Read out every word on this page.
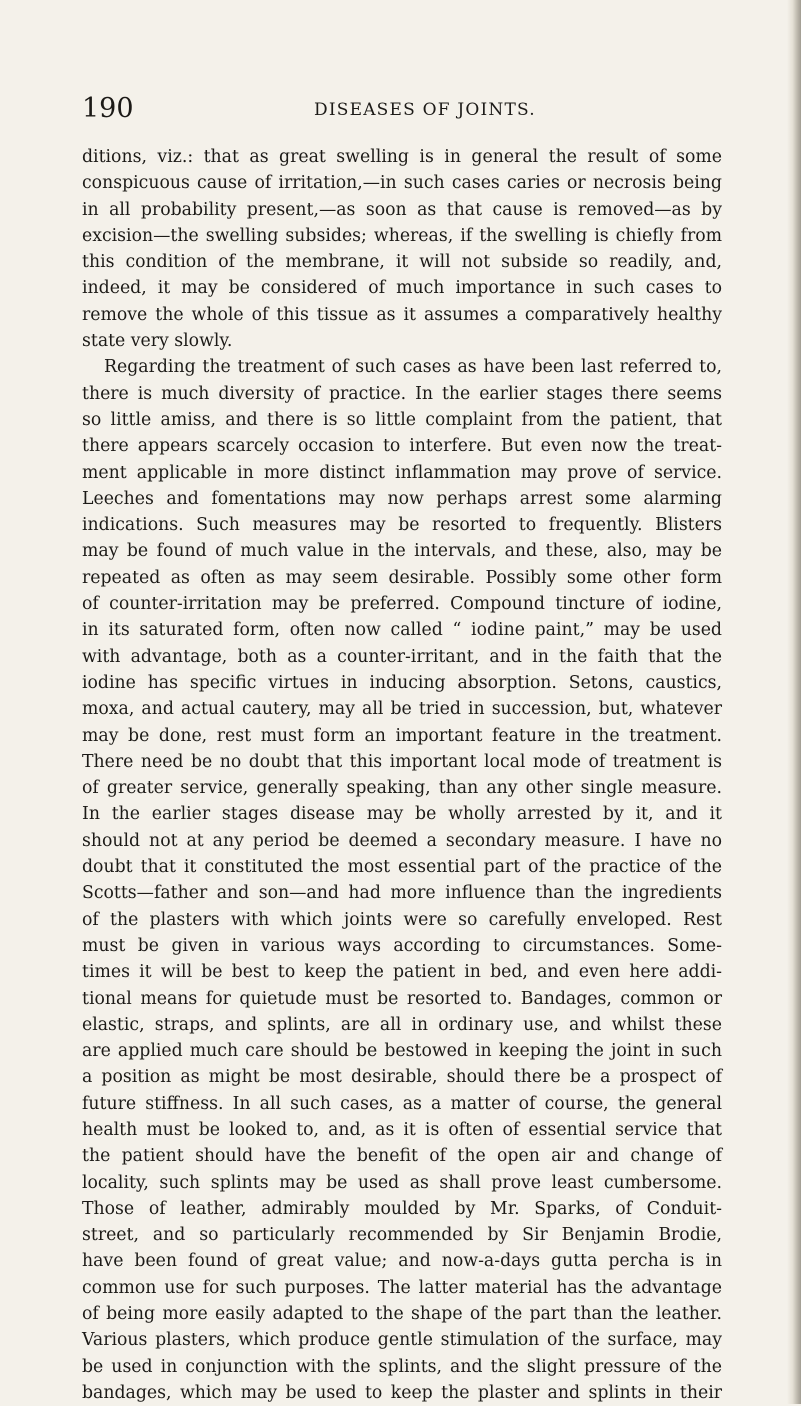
190	DISEASES OF JOINTS.
ditions, viz.: that as great swelling is in general the result of some
conspicuous cause of irritation,—in such cases caries or necrosis being
in all probability present,—as soon as that cause is removed—as by
excision—the swelling subsides; whereas, if the swelling is chiefly from
this condition of the membrane, it will not subside so readily, and,
indeed, it may be considered of much importance in such cases to
remove the whole of this tissue as it assumes a comparatively healthy
state very slowly.
Regarding the treatment of such cases as have been last referred to,
there is much diversity of practice. In the earlier stages there seems
so little amiss, and there is so little complaint from the patient, that
there appears scarcely occasion to interfere. But even now the treat-
ment applicable in more distinct inflammation may prove of service.
Leeches and fomentations may now perhaps arrest some alarming
indications. Such measures may be resorted to frequently. Blisters
may be found of much value in the intervals, and these, also, may be
repeated as often as may seem desirable. Possibly some other form
of counter-irritation may be preferred. Compound tincture of iodine,
in its saturated form, often now called “ iodine paint,” may be used
with advantage, both as a counter-irritant, and in the faith that the
iodine has specific virtues in inducing absorption. Setons, caustics,
moxa, and actual cautery, may all be tried in succession, but, whatever
may be done, rest must form an important feature in the treatment.
There need be no doubt that this important local mode of treatment is
of greater service, generally speaking, than any other single measure.
In the earlier stages disease may be wholly arrested by it, and it
should not at any period be deemed a secondary measure. I have no
doubt that it constituted the most essential part of the practice of the
Scotts—father and son—and had more influence than the ingredients
of the plasters with which joints were so carefully enveloped. Rest
must be given in various ways according to circumstances. Some-
times it will be best to keep the patient in bed, and even here addi-
tional means for quietude must be resorted to. Bandages, common or
elastic, straps, and splints, are all in ordinary use, and whilst these
are applied much care should be bestowed in keeping the joint in such
a position as might be most desirable, should there be a prospect of
future stiffness. In all such cases, as a matter of course, the general
health must be looked to, and, as it is often of essential service that
the patient should have the benefit of the open air and change of
locality, such splints may be used as shall prove least cumbersome.
Those of leather, admirably moulded by Mr. Sparks, of Conduit-
street, and so particularly recommended by Sir Benjamin Brodie,
have been found of great value; and now-a-days gutta percha is in
common use for such purposes. The latter material has the advantage
of being more easily adapted to the shape of the part than the leather.
Various plasters, which produce gentle stimulation of the surface, may
be used in conjunction with the splints, and the slight pressure of the
bandages, which may be used to keep the plaster and splints in their
